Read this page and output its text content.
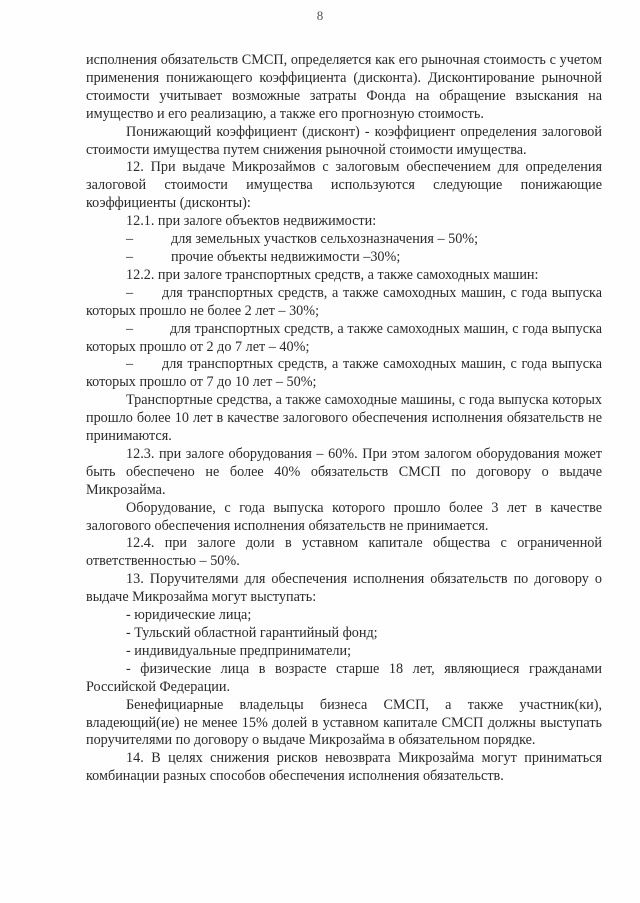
8

исполнения обязательств СМСП, определяется как его рыночная стоимость с учетом применения понижающего коэффициента (дисконта). Дисконтирование рыночной стоимости учитывает возможные затраты Фонда на обращение взыскания на имущество и его реализацию, а также его прогнозную стоимость.

Понижающий коэффициент (дисконт) - коэффициент определения залоговой стоимости имущества путем снижения рыночной стоимости имущества.

12. При выдаче Микрозаймов с залоговым обеспечением для определения залоговой стоимости имущества используются следующие понижающие коэффициенты (дисконты):

12.1. при залоге объектов недвижимости:

–	для земельных участков сельхозназначения – 50%;
–	прочие объекты недвижимости –30%;

12.2. при залоге транспортных средств, а также самоходных машин:

– для транспортных средств, а также самоходных машин, с года выпуска которых прошло не более 2 лет – 30%;

–	для транспортных средств, а также самоходных машин, с года выпуска которых прошло от 2 до 7 лет – 40%;

– для транспортных средств, а также самоходных машин, с года выпуска которых прошло от 7 до 10 лет – 50%;

Транспортные средства, а также самоходные машины, с года выпуска которых прошло более 10 лет в качестве залогового обеспечения исполнения обязательств не принимаются.

12.3. при залоге оборудования – 60%. При этом залогом оборудования может быть обеспечено не более 40% обязательств СМСП по договору о выдаче Микрозайма.

Оборудование, с года выпуска которого прошло более 3 лет в качестве залогового обеспечения исполнения обязательств не принимается.

12.4. при залоге доли в уставном капитале общества с ограниченной ответственностью – 50%.

13. Поручителями для обеспечения исполнения обязательств по договору о выдаче Микрозайма могут выступать:

- юридические лица;

- Тульский областной гарантийный фонд;

- индивидуальные предприниматели;

- физические лица в возрасте старше 18 лет, являющиеся гражданами Российской Федерации.

Бенефициарные владельцы бизнеса СМСП, а также участник(ки), владеющий(ие) не менее 15% долей в уставном капитале СМСП должны выступать поручителями по договору о выдаче Микрозайма в обязательном порядке.

14. В целях снижения рисков невозврата Микрозайма могут приниматься комбинации разных способов обеспечения исполнения обязательств.
